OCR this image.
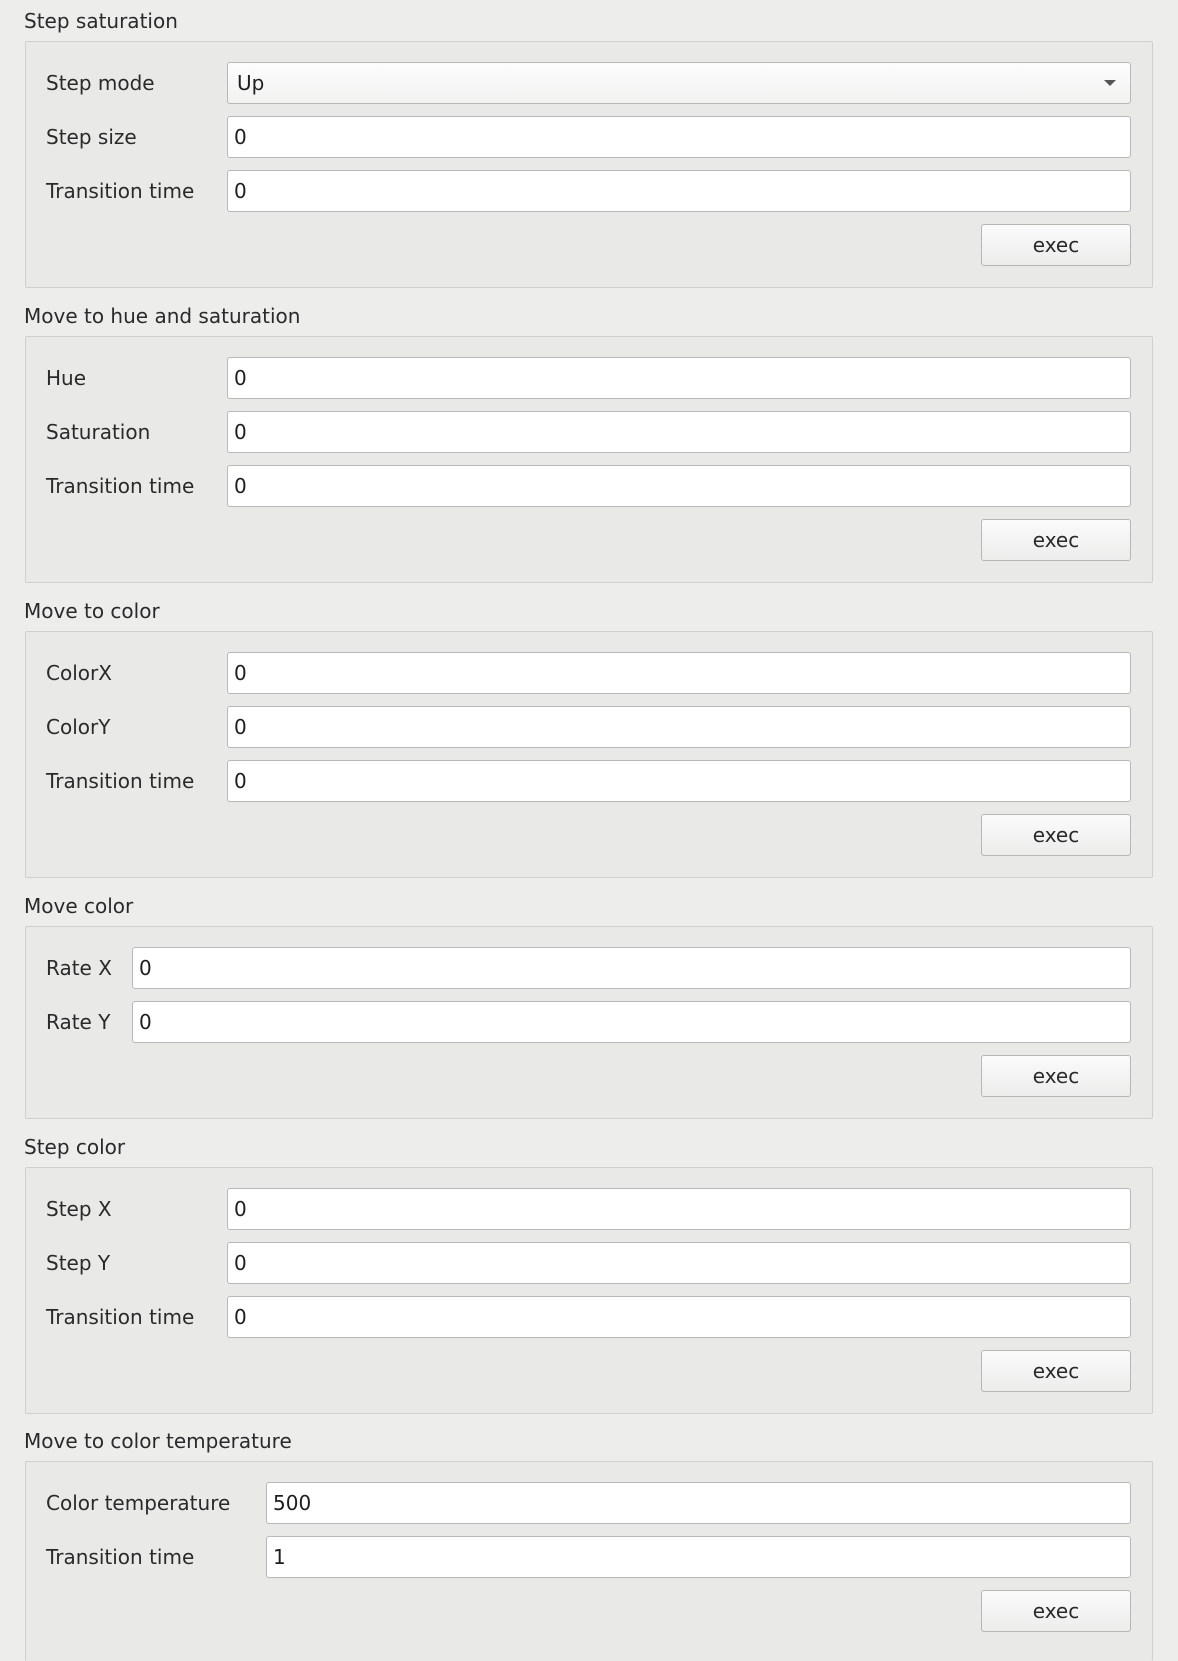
Step saturation
Step mode	Up
Step size
0
Transition time
0
exec
Move to hue and saturation
Hue
0
Saturation
0
Transition time
0
exec
Move to color
ColorX
0
ColorY
0
Transition time
0
exec
Move color
Rate X
0
Rate Y
0
exec
Step color
Step X
0
Step Y
0
Transition time
0
exec
Move to color temperature
Color temperature
500
Transition time
1
exec
